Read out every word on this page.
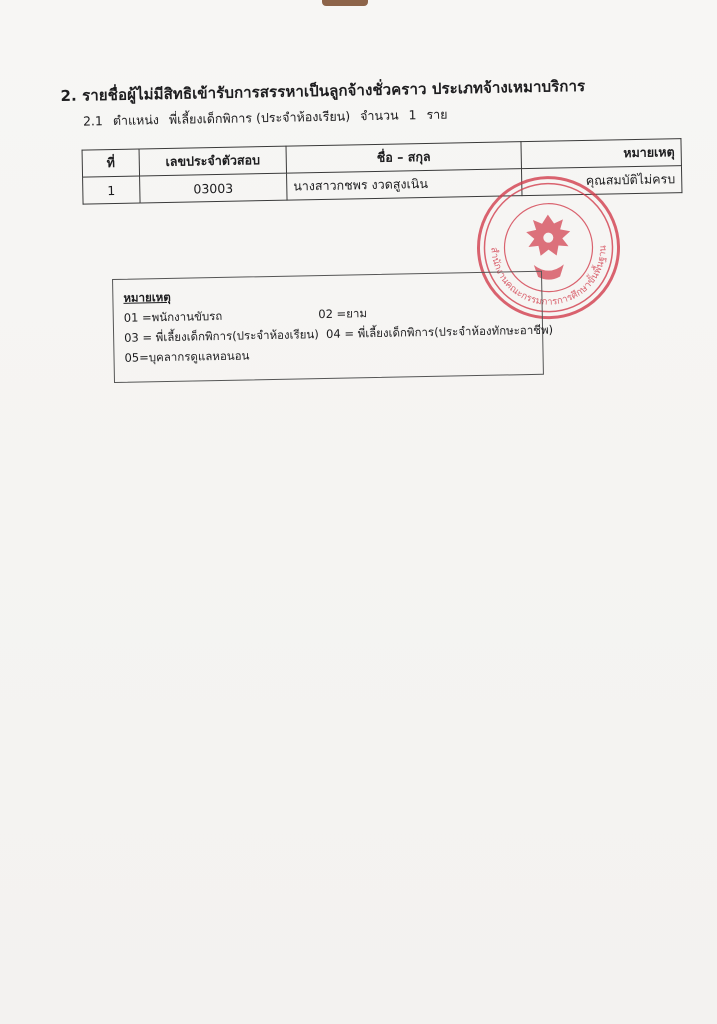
2. รายชื่อผู้ไม่มีสิทธิเข้ารับการสรรหาเป็นลูกจ้างชั่วคราว ประเภทจ้างเหมาบริการ
2.1 ตำแหน่ง พี่เลี้ยงเด็กพิการ (ประจำห้องเรียน) จำนวน 1 ราย
ที่	เลขประจำตัวสอบ	ชื่อ – สกุล	หมายเหตุ
1	03003	นางสาวกชพร งวดสูงเนิน	คุณสมบัติไม่ครบ
สำนักงานคณะกรรมการการศึกษาขั้นพื้นฐาน
หมายเหตุ
01 =พนักงานขับรถ	02 =ยาม
03 = พี่เลี้ยงเด็กพิการ(ประจำห้องเรียน) 04 = พี่เลี้ยงเด็กพิการ(ประจำห้องทักษะอาชีพ)
05=บุคลากรดูแลหอนอน
